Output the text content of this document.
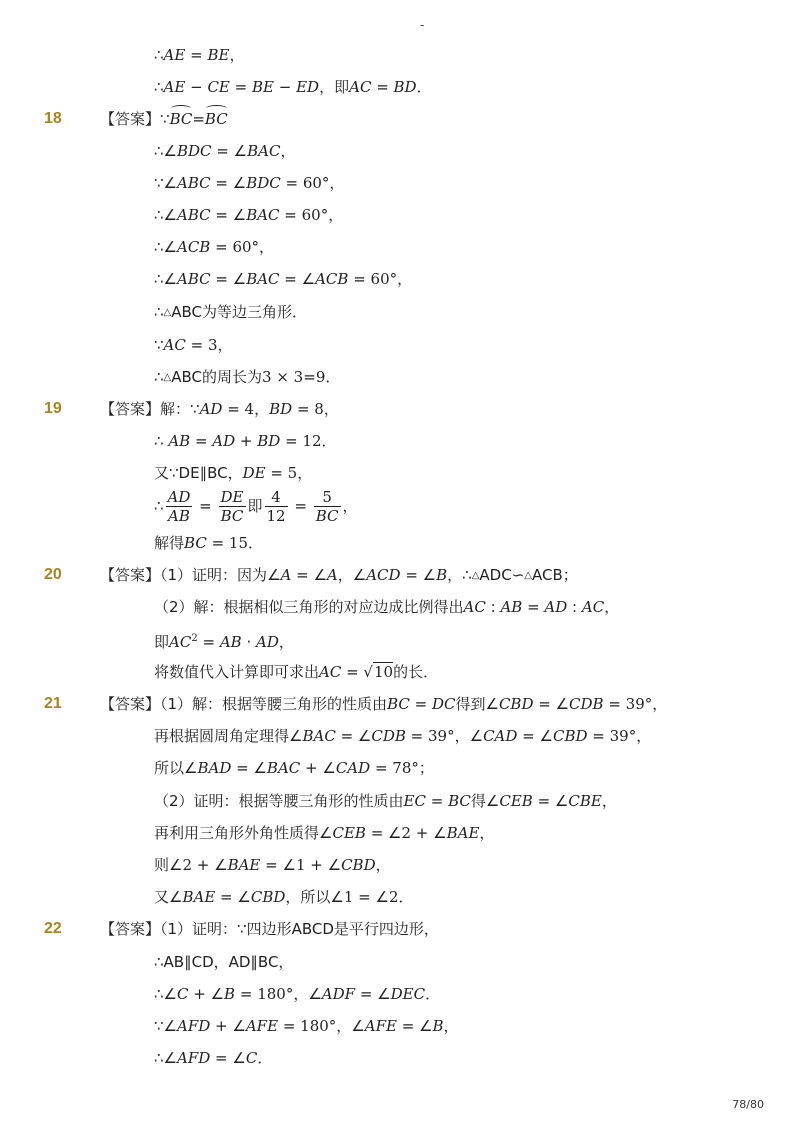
-
∴AE = BE，
∴AE − CE = BE − ED，即AC = BD．
18	【答案】∵BC=BC
∴∠BDC = ∠BAC，
∵∠ABC = ∠BDC = 60°，
∴∠ABC = ∠BAC = 60°，
∴∠ACB = 60°，
∴∠ABC = ∠BAC = ∠ACB = 60°，
∴△ABC为等边三角形．
∵AC = 3，
∴△ABC的周长为3 × 3=9．
19	【答案】解：∵AD = 4，BD = 8，
∴ AB = AD + BD = 12．
又∵DE∥BC，DE = 5，
∴ $\frac{AD}{AB} = \frac{DE}{BC}$ 即 $\frac{4}{12} = \frac{5}{BC}$ ，
解得BC = 15．
20	【答案】（1）证明：因为∠A = ∠A，∠ACD = ∠B，∴△ADC∽△ACB；
（2）解：根据相似三角形的对应边成比例得出AC : AB = AD : AC，
即$AC^2$ = AB · AD，
将数值代入计算即可求出AC = √10的长．
21	【答案】（1）解：根据等腰三角形的性质由BC = DC得到∠CBD = ∠CDB = 39°，
再根据圆周角定理得∠BAC = ∠CDB = 39°，∠CAD = ∠CBD = 39°，
所以∠BAD = ∠BAC + ∠CAD = 78°；
（2）证明：根据等腰三角形的性质由EC = BC得∠CEB = ∠CBE，
再利用三角形外角性质得∠CEB = ∠2 + ∠BAE，
则∠2 + ∠BAE = ∠1 + ∠CBD，
又∠BAE = ∠CBD，所以∠1 = ∠2．
22	【答案】（1）证明：∵四边形ABCD是平行四边形，
∴AB∥CD，AD∥BC，
∴∠C + ∠B = 180°，∠ADF = ∠DEC．
∵∠AFD + ∠AFE = 180°，∠AFE = ∠B，
∴∠AFD = ∠C．
78/80
